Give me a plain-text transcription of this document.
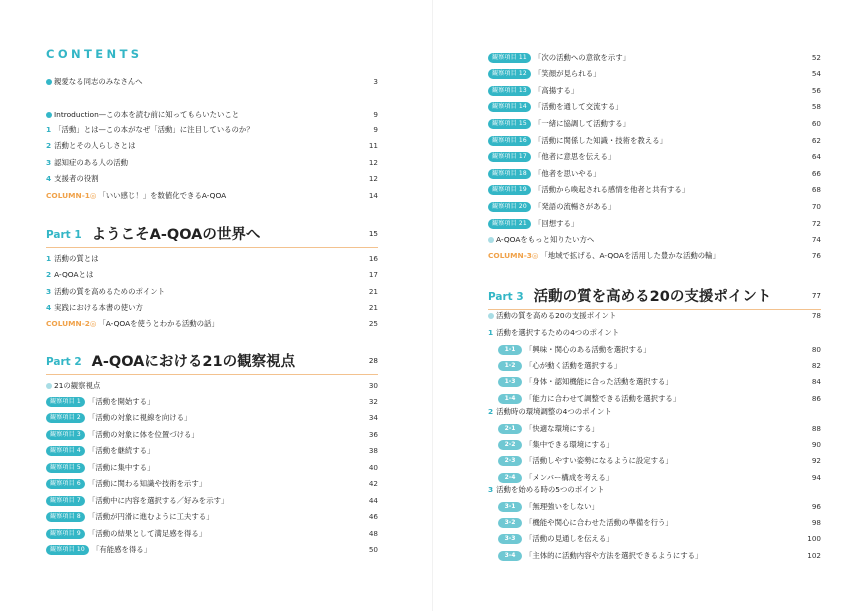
CONTENTS
親愛なる同志のみなさんへ	3
Introduction—この本を読む前に知ってもらいたいこと	9
1 「活動」とは—この本がなぜ「活動」に注目しているのか？	9
2 活動とその人らしさとは	11
3 認知症のある人の活動	12
4 支援者の役割	12
COLUMN-1◎ 「いい感じ！」を数値化できるA-QOA	14
Part 1 ようこそA-QOAの世界へ	15
1 活動の質とは	16
2 A-QOAとは	17
3 活動の質を高めるためのポイント	21
4 実践における本書の使い方	21
COLUMN-2◎ 「A-QOAを使うとわかる活動の話」	25
Part 2 A-QOAにおける21の観察視点	28
21の観察視点	30
観察項目 1 「活動を開始する」	32
観察項目 2 「活動の対象に視線を向ける」	34
観察項目 3 「活動の対象に体を位置づける」	36
観察項目 4 「活動を継続する」	38
観察項目 5 「活動に集中する」	40
観察項目 6 「活動に関わる知識や技術を示す」	42
観察項目 7 「活動中に内容を選択する／好みを示す」	44
観察項目 8 「活動が円滑に進むように工夫する」	46
観察項目 9 「活動の結果として満足感を得る」	48
観察項目 10 「有能感を得る」	50
観察項目 11 「次の活動への意欲を示す」	52
観察項目 12 「笑顔が見られる」	54
観察項目 13 「高揚する」	56
観察項目 14 「活動を通して交流する」	58
観察項目 15 「一緒に協調して活動する」	60
観察項目 16 「活動に関係した知識・技術を教える」	62
観察項目 17 「他者に意思を伝える」	64
観察項目 18 「他者を思いやる」	66
観察項目 19 「活動から喚起される感情を他者と共有する」	68
観察項目 20 「発語の流暢さがある」	70
観察項目 21 「回想する」	72
A-QOAをもっと知りたい方へ	74
COLUMN-3◎ 「地域で拡げる、A-QOAを活用した豊かな活動の輪」	76
Part 3 活動の質を高める20の支援ポイント	77
活動の質を高める20の支援ポイント	78
1 活動を選択するための4つのポイント
1-1 「興味・関心のある活動を選択する」	80
1-2 「心が動く活動を選択する」	82
1-3 「身体・認知機能に合った活動を選択する」	84
1-4 「能力に合わせて調整できる活動を選択する」	86
2 活動時の環境調整の4つのポイント
2-1 「快適な環境にする」	88
2-2 「集中できる環境にする」	90
2-3 「活動しやすい姿勢になるように設定する」	92
2-4 「メンバー構成を考える」	94
3 活動を始める時の5つのポイント
3-1 「無理強いをしない」	96
3-2 「機能や関心に合わせた活動の準備を行う」	98
3-3 「活動の見通しを伝える」	100
3-4 「主体的に活動内容や方法を選択できるようにする」	102
